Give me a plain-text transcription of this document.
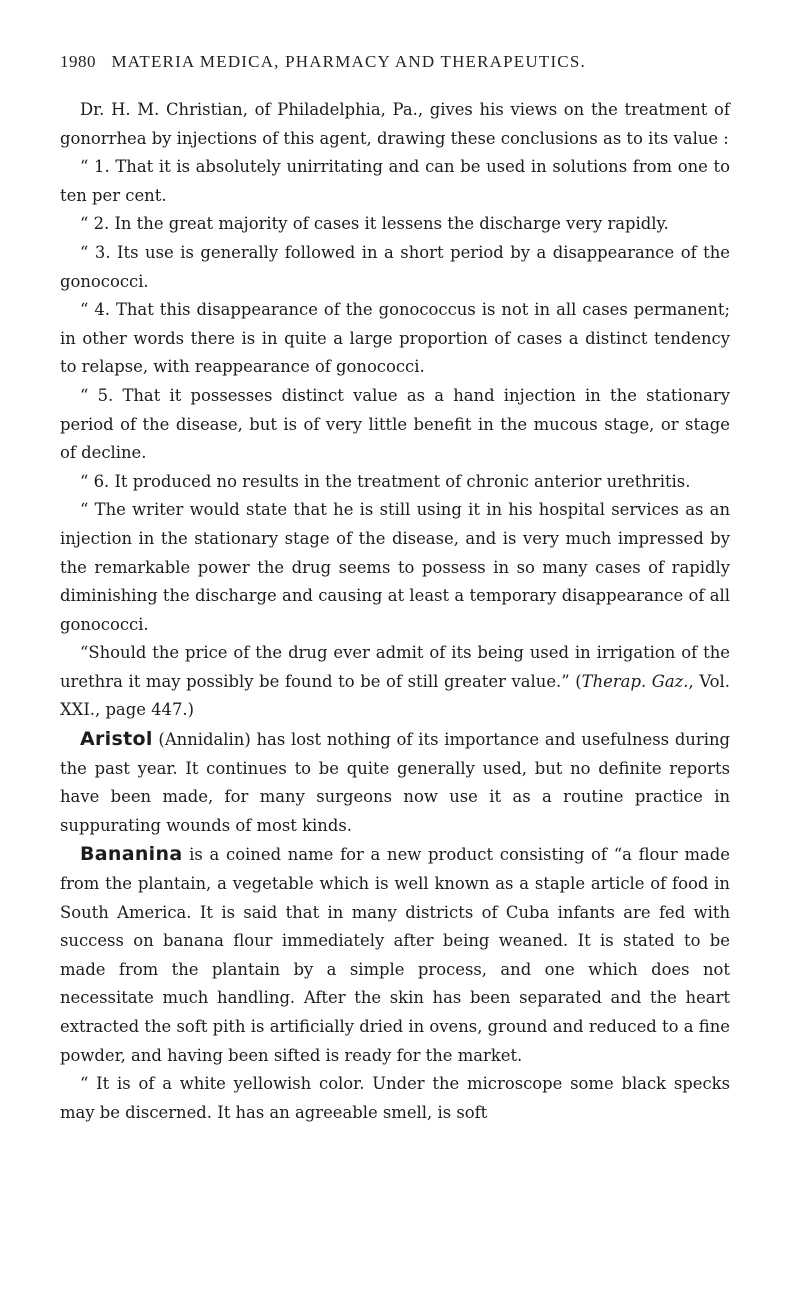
1980 MATERIA MEDICA, PHARMACY AND THERAPEUTICS.

Dr. H. M. Christian, of Philadelphia, Pa., gives his views on the treatment of gonorrhea by injections of this agent, drawing these conclusions as to its value :

“ 1. That it is absolutely unirritating and can be used in solutions from one to ten per cent.

“ 2. In the great majority of cases it lessens the discharge very rapidly.

“ 3. Its use is generally followed in a short period by a disappearance of the gonococci.

“ 4. That this disappearance of the gonococcus is not in all cases permanent; in other words there is in quite a large proportion of cases a distinct tendency to relapse, with reappearance of gonococci.

“ 5. That it possesses distinct value as a hand injection in the stationary period of the disease, but is of very little benefit in the mucous stage, or stage of decline.

“ 6. It produced no results in the treatment of chronic anterior urethritis.

“ The writer would state that he is still using it in his hospital services as an injection in the stationary stage of the disease, and is very much impressed by the remarkable power the drug seems to possess in so many cases of rapidly diminishing the discharge and causing at least a temporary disappearance of all gonococci.

“Should the price of the drug ever admit of its being used in irrigation of the urethra it may possibly be found to be of still greater value.” (Therap. Gaz., Vol. XXI., page 447.)

Aristol (Annidalin) has lost nothing of its importance and usefulness during the past year. It continues to be quite generally used, but no definite reports have been made, for many surgeons now use it as a routine practice in suppurating wounds of most kinds.

Bananina is a coined name for a new product consisting of “a flour made from the plantain, a vegetable which is well known as a staple article of food in South America. It is said that in many districts of Cuba infants are fed with success on banana flour immediately after being weaned. It is stated to be made from the plantain by a simple process, and one which does not necessitate much handling. After the skin has been separated and the heart extracted the soft pith is artificially dried in ovens, ground and reduced to a fine powder, and having been sifted is ready for the market.

“ It is of a white yellowish color. Under the microscope some black specks may be discerned. It has an agreeable smell, is soft
